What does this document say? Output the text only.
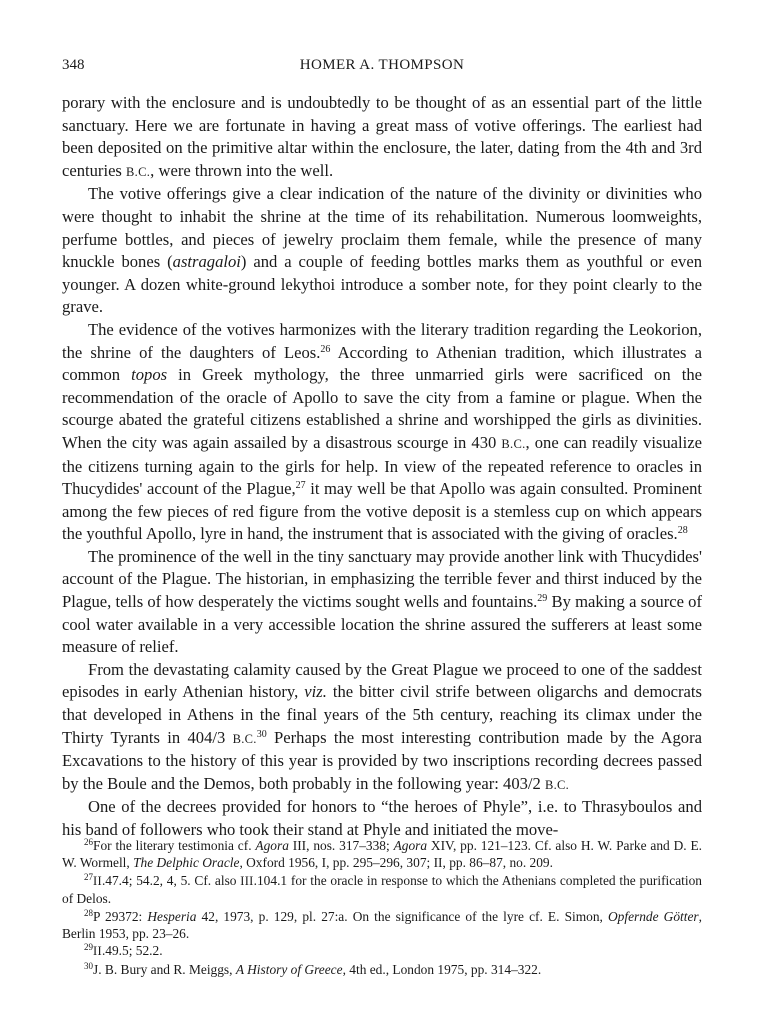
348	HOMER A. THOMPSON

porary with the enclosure and is undoubtedly to be thought of as an essential part of the little sanctuary. Here we are fortunate in having a great mass of votive offerings. The earliest had been deposited on the primitive altar within the enclosure, the later, dating from the 4th and 3rd centuries B.C., were thrown into the well.

The votive offerings give a clear indication of the nature of the divinity or divinities who were thought to inhabit the shrine at the time of its rehabilitation. Numerous loomweights, perfume bottles, and pieces of jewelry proclaim them female, while the presence of many knuckle bones (astragaloi) and a couple of feeding bottles marks them as youthful or even younger. A dozen white-ground lekythoi introduce a somber note, for they point clearly to the grave.

The evidence of the votives harmonizes with the literary tradition regarding the Leokorion, the shrine of the daughters of Leos.$^{26}$ According to Athenian tradition, which illustrates a common topos in Greek mythology, the three unmarried girls were sacrificed on the recommendation of the oracle of Apollo to save the city from a famine or plague. When the scourge abated the grateful citizens established a shrine and worshipped the girls as divinities. When the city was again assailed by a disastrous scourge in 430 B.C., one can readily visualize the citizens turning again to the girls for help. In view of the repeated reference to oracles in Thucydides' account of the Plague,$^{27}$ it may well be that Apollo was again consulted. Prominent among the few pieces of red figure from the votive deposit is a stemless cup on which appears the youthful Apollo, lyre in hand, the instrument that is associated with the giving of oracles.$^{28}$

The prominence of the well in the tiny sanctuary may provide another link with Thucydides' account of the Plague. The historian, in emphasizing the terrible fever and thirst induced by the Plague, tells of how desperately the victims sought wells and fountains.$^{29}$ By making a source of cool water available in a very accessible location the shrine assured the sufferers at least some measure of relief.

From the devastating calamity caused by the Great Plague we proceed to one of the saddest episodes in early Athenian history, viz. the bitter civil strife between oligarchs and democrats that developed in Athens in the final years of the 5th century, reaching its climax under the Thirty Tyrants in 404/3 B.C.$^{30}$ Perhaps the most interesting contribution made by the Agora Excavations to the history of this year is provided by two inscriptions recording decrees passed by the Boule and the Demos, both probably in the following year: 403/2 B.C.

One of the decrees provided for honors to “the heroes of Phyle”, i.e. to Thrasyboulos and his band of followers who took their stand at Phyle and initiated the move-

$^{26}$For the literary testimonia cf. Agora III, nos. 317–338; Agora XIV, pp. 121–123. Cf. also H. W. Parke and D. E. W. Wormell, The Delphic Oracle, Oxford 1956, I, pp. 295–296, 307; II, pp. 86–87, no. 209.

$^{27}$II.47.4; 54.2, 4, 5. Cf. also III.104.1 for the oracle in response to which the Athenians completed the purification of Delos.

$^{28}$P 29372: Hesperia 42, 1973, p. 129, pl. 27:a. On the significance of the lyre cf. E. Simon, Opfernde Götter, Berlin 1953, pp. 23–26.

$^{29}$II.49.5; 52.2.

$^{30}$J. B. Bury and R. Meiggs, A History of Greece, 4th ed., London 1975, pp. 314–322.
